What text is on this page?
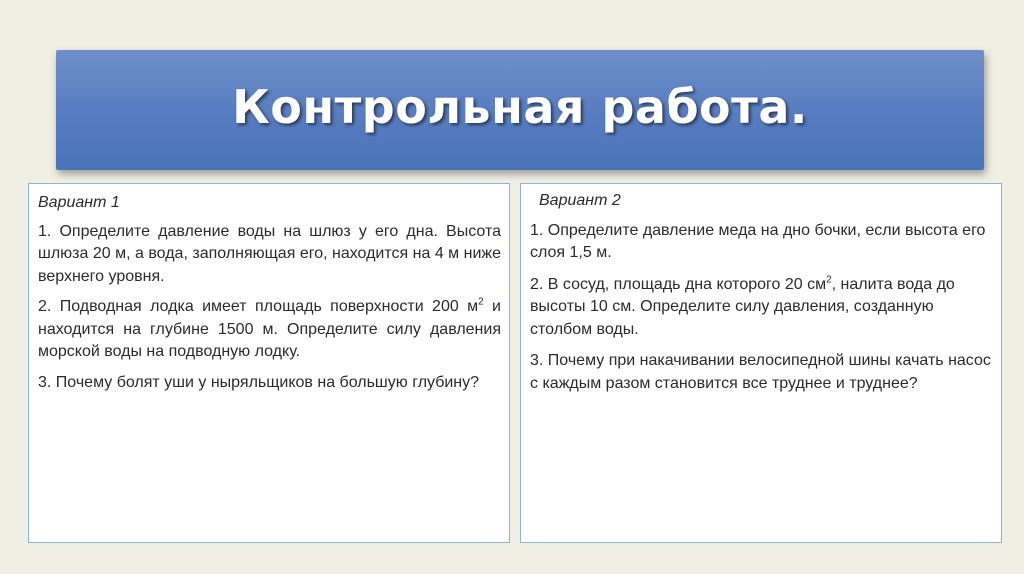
Контрольная работа.
Вариант 1
1. Определите давление воды на шлюз у его дна. Высота шлюза 20 м, а вода, заполняющая его, находится на 4 м ниже верхнего уровня.
2. Подводная лодка имеет площадь поверхности 200 $м^2$ и находится на глубине 1500 м. Определите силу давления морской воды на подводную лодку.
3. Почему болят уши у ныряльщиков на большую глубину?
Вариант 2
1. Определите давление меда на дно бочки, если высота его слоя 1,5 м.
2. В сосуд, площадь дна которого 20 $см^2$, налита вода до высоты 10 см. Определите силу давления, созданную столбом воды.
3. Почему при накачивании велосипедной шины качать насос с каждым разом становится все труднее и труднее?
